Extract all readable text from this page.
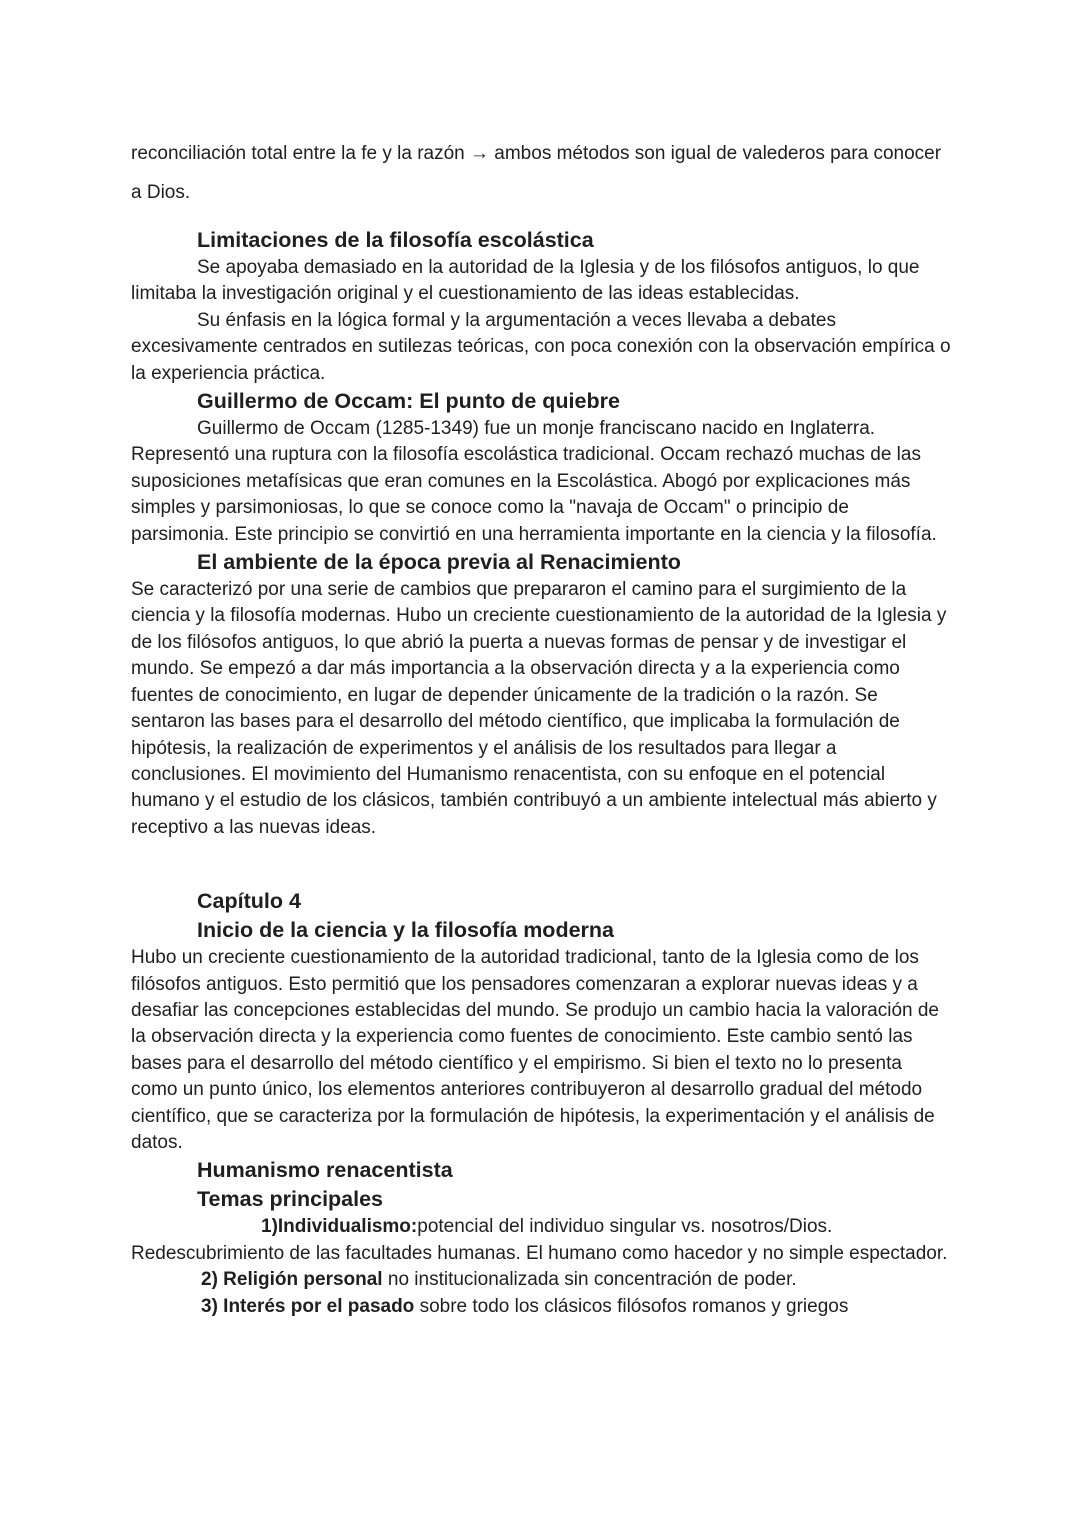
reconciliación total entre la fe y la razón → ambos métodos son igual de valederos para conocer a Dios.

Limitaciones de la filosofía escolástica

Se apoyaba demasiado en la autoridad de la Iglesia y de los filósofos antiguos, lo que limitaba la investigación original y el cuestionamiento de las ideas establecidas.

Su énfasis en la lógica formal y la argumentación a veces llevaba a debates excesivamente centrados en sutilezas teóricas, con poca conexión con la observación empírica o la experiencia práctica.

Guillermo de Occam: El punto de quiebre

Guillermo de Occam (1285-1349) fue un monje franciscano nacido en Inglaterra. Representó una ruptura con la filosofía escolástica tradicional. Occam rechazó muchas de las suposiciones metafísicas que eran comunes en la Escolástica. Abogó por explicaciones más simples y parsimoniosas, lo que se conoce como la "navaja de Occam" o principio de parsimonia. Este principio se convirtió en una herramienta importante en la ciencia y la filosofía.

El ambiente de la época previa al Renacimiento

Se caracterizó por una serie de cambios que prepararon el camino para el surgimiento de la ciencia y la filosofía modernas. Hubo un creciente cuestionamiento de la autoridad de la Iglesia y de los filósofos antiguos, lo que abrió la puerta a nuevas formas de pensar y de investigar el mundo. Se empezó a dar más importancia a la observación directa y a la experiencia como fuentes de conocimiento, en lugar de depender únicamente de la tradición o la razón. Se sentaron las bases para el desarrollo del método científico, que implicaba la formulación de hipótesis, la realización de experimentos y el análisis de los resultados para llegar a conclusiones. El movimiento del Humanismo renacentista, con su enfoque en el potencial humano y el estudio de los clásicos, también contribuyó a un ambiente intelectual más abierto y receptivo a las nuevas ideas.

Capítulo 4
Inicio de la ciencia y la filosofía moderna

Hubo un creciente cuestionamiento de la autoridad tradicional, tanto de la Iglesia como de los filósofos antiguos. Esto permitió que los pensadores comenzaran a explorar nuevas ideas y a desafiar las concepciones establecidas del mundo. Se produjo un cambio hacia la valoración de la observación directa y la experiencia como fuentes de conocimiento. Este cambio sentó las bases para el desarrollo del método científico y el empirismo. Si bien el texto no lo presenta como un punto único, los elementos anteriores contribuyeron al desarrollo gradual del método científico, que se caracteriza por la formulación de hipótesis, la experimentación y el análisis de datos.

Humanismo renacentista
Temas principales
1)Individualismo:potencial del individuo singular vs. nosotros/Dios. Redescubrimiento de las facultades humanas. El humano como hacedor y no simple espectador.
2) Religión personal no institucionalizada sin concentración de poder.
3) Interés por el pasado sobre todo los clásicos filósofos romanos y griegos
